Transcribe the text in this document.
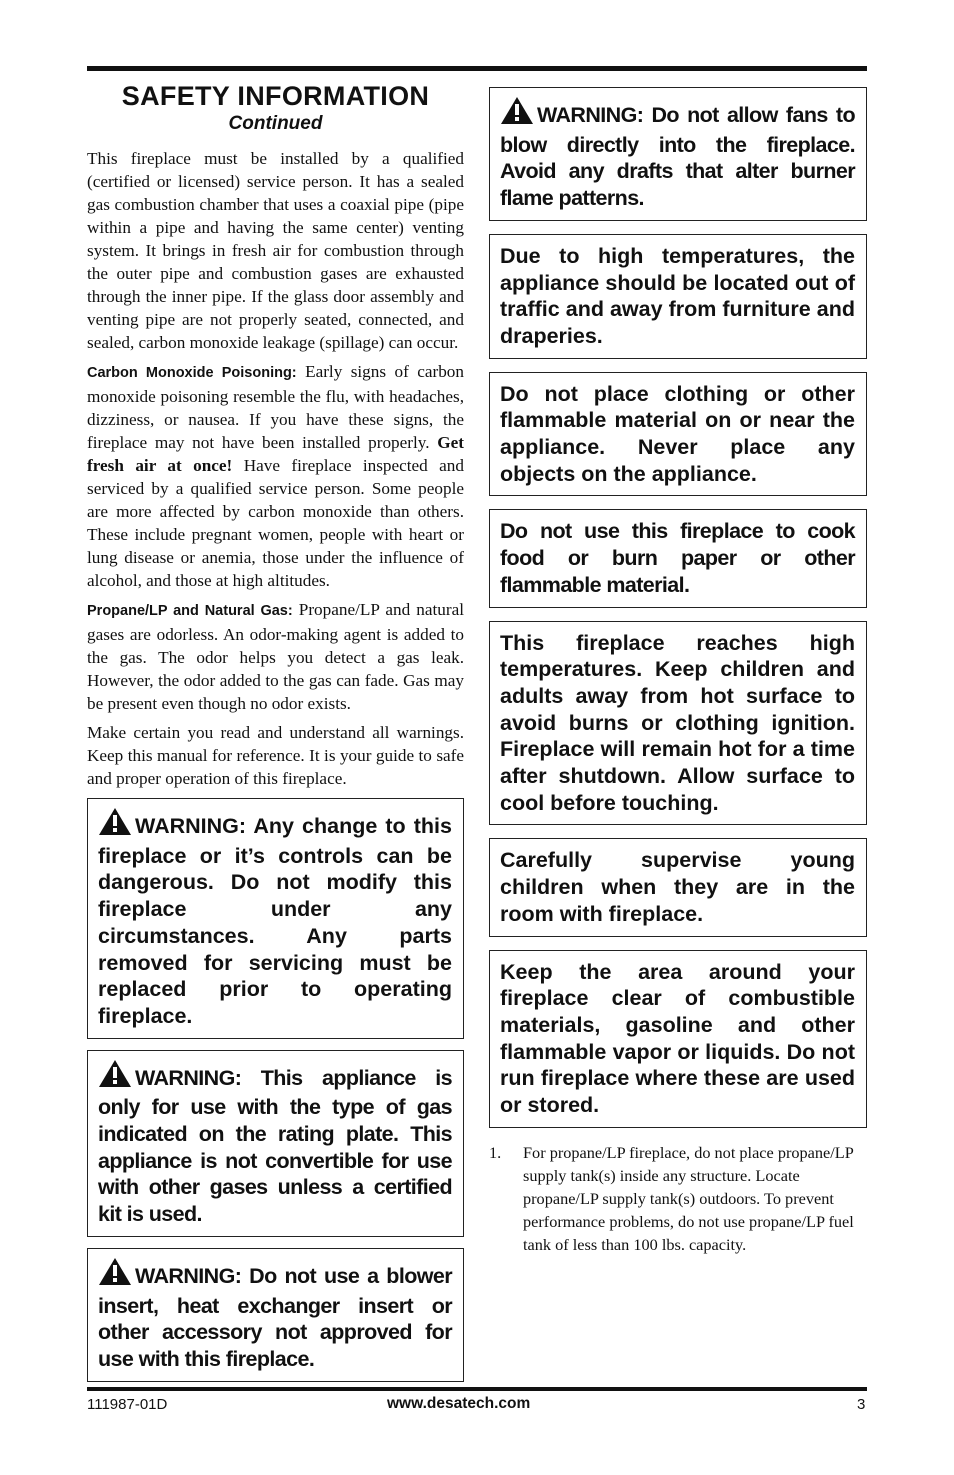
SAFETY INFORMATION
Continued

This fireplace must be installed by a qualified (certified or licensed) service person. It has a sealed gas combustion chamber that uses a coaxial pipe (pipe within a pipe and having the same center) venting system. It brings in fresh air for combustion through the outer pipe and combustion gases are exhausted through the inner pipe. If the glass door assembly and venting pipe are not properly seated, connected, and sealed, carbon monoxide leakage (spillage) can occur.

Carbon Monoxide Poisoning: Early signs of carbon monoxide poisoning resemble the flu, with headaches, dizziness, or nausea. If you have these signs, the fireplace may not have been installed properly. Get fresh air at once! Have fireplace inspected and serviced by a qualified service person. Some people are more affected by carbon monoxide than others. These include pregnant women, people with heart or lung disease or anemia, those under the influence of alcohol, and those at high altitudes.

Propane/LP and Natural Gas: Propane/LP and natural gases are odorless. An odor-making agent is added to the gas. The odor helps you detect a gas leak. However, the odor added to the gas can fade. Gas may be present even though no odor exists.

Make certain you read and understand all warnings. Keep this manual for reference. It is your guide to safe and proper operation of this fireplace.

WARNING: Any change to this fireplace or it’s controls can be dangerous. Do not modify this fireplace under any circumstances. Any parts removed for servicing must be replaced prior to operating fireplace.
WARNING: This appliance is only for use with the type of gas indicated on the rating plate. This appliance is not convertible for use with other gases unless a certified kit is used.
WARNING: Do not use a blower insert, heat exchanger insert or other accessory not approved for use with this fireplace.
WARNING: Do not allow fans to blow directly into the fireplace. Avoid any drafts that alter burner flame patterns.
Due to high temperatures, the appliance should be located out of traffic and away from furniture and draperies.
Do not place clothing or other flammable material on or near the appliance. Never place any objects on the appliance.
Do not use this fireplace to cook food or burn paper or other flammable material.
This fireplace reaches high temperatures. Keep children and adults away from hot surface to avoid burns or clothing ignition. Fireplace will remain hot for a time after shutdown. Allow surface to cool before touching.
Carefully supervise young children when they are in the room with fireplace.
Keep the area around your fireplace clear of combustible materials, gasoline and other flammable vapor or liquids. Do not run fireplace where these are used or stored.
1.	For propane/LP fireplace, do not place propane/LP supply tank(s) inside any structure. Locate propane/LP supply tank(s) outdoors. To prevent performance problems, do not use propane/LP fuel tank of less than 100 lbs. capacity.
111987-01D	www.desatech.com	3
